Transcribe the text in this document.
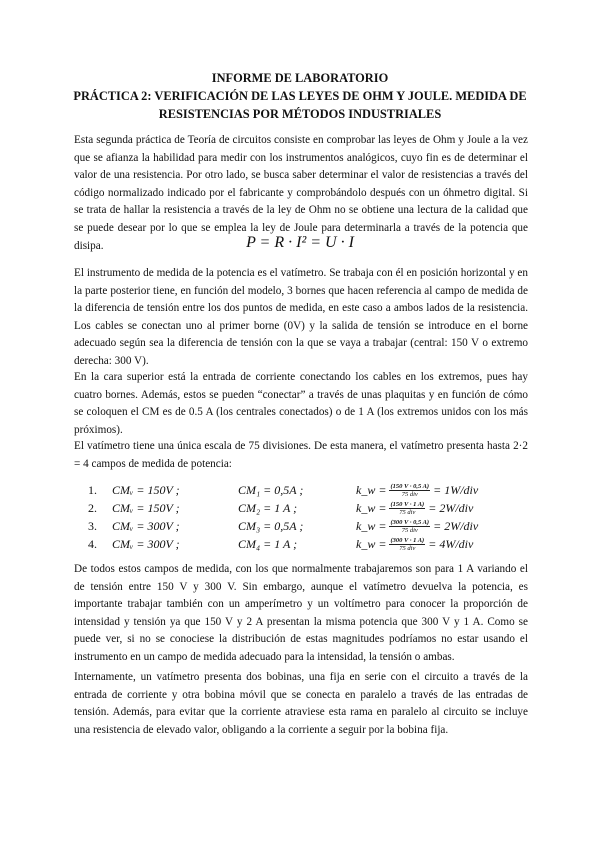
INFORME DE LABORATORIO
PRÁCTICA 2: VERIFICACIÓN DE LAS LEYES DE OHM Y JOULE. MEDIDA DE
RESISTENCIAS POR MÉTODOS INDUSTRIALES

Esta segunda práctica de Teoría de circuitos consiste en comprobar las leyes de Ohm y Joule a la vez que se afianza la habilidad para medir con los instrumentos analógicos, cuyo fin es de determinar el valor de una resistencia. Por otro lado, se busca saber determinar el valor de resistencias a través del código normalizado indicado por el fabricante y comprobándolo después con un óhmetro digital. Si se trata de hallar la resistencia a través de la ley de Ohm no se obtiene una lectura de la calidad que se puede desear por lo que se emplea la ley de Joule para determinarla a través de la potencia que disipa.	P = R · I² = U · I

El instrumento de medida de la potencia es el vatímetro. Se trabaja con él en posición horizontal y en la parte posterior tiene, en función del modelo, 3 bornes que hacen referencia al campo de medida de la diferencia de tensión entre los dos puntos de medida, en este caso a ambos lados de la resistencia. Los cables se conectan uno al primer borne (0V) y la salida de tensión se introduce en el borne adecuado según sea la diferencia de tensión con la que se vaya a trabajar (central: 150 V o extremo derecha: 300 V).

En la cara superior está la entrada de corriente conectando los cables en los extremos, pues hay cuatro bornes. Además, estos se pueden “conectar” a través de unas plaquitas y en función de cómo se coloquen el CM es de 0.5 A (los centrales conectados) o de 1 A (los extremos unidos con los más próximos).

El vatímetro tiene una única escala de 75 divisiones. De esta manera, el vatímetro presenta hasta 2·2 = 4 campos de medida de potencia:

1.	CMᵥ = 150V ;	CM₁ = 0,5A ;	k_w = $\frac{(150 V \cdot 0,5 A)}{\text{75 div}} = 1W/div$
2.	CMᵥ = 150V ;	CM₂ = 1 A ;	k_w = $\frac{(150 V \cdot 1 A)}{\text{75 div}} = 2W/div$
3.	CMᵥ = 300V ;	CM₃ = 0,5A ;	k_w = $\frac{(300 V \cdot 0,5 A)}{\text{75 div}} = 2W/div$
4.	CMᵥ = 300V ;	CM₄ = 1 A ;	k_w = $\frac{(300 V \cdot 1 A)}{\text{75 div}} = 4W/div$

De todos estos campos de medida, con los que normalmente trabajaremos son para 1 A variando el de tensión entre 150 V y 300 V. Sin embargo, aunque el vatímetro devuelva la potencia, es importante trabajar también con un amperímetro y un voltímetro para conocer la proporción de intensidad y tensión ya que 150 V y 2 A presentan la misma potencia que 300 V y 1 A. Como se puede ver, si no se conociese la distribución de estas magnitudes podríamos no estar usando el instrumento en un campo de medida adecuado para la intensidad, la tensión o ambas.

Internamente, un vatímetro presenta dos bobinas, una fija en serie con el circuito a través de la entrada de corriente y otra bobina móvil que se conecta en paralelo a través de las entradas de tensión. Además, para evitar que la corriente atraviese esta rama en paralelo al circuito se incluye una resistencia de elevado valor, obligando a la corriente a seguir por la bobina fija.
